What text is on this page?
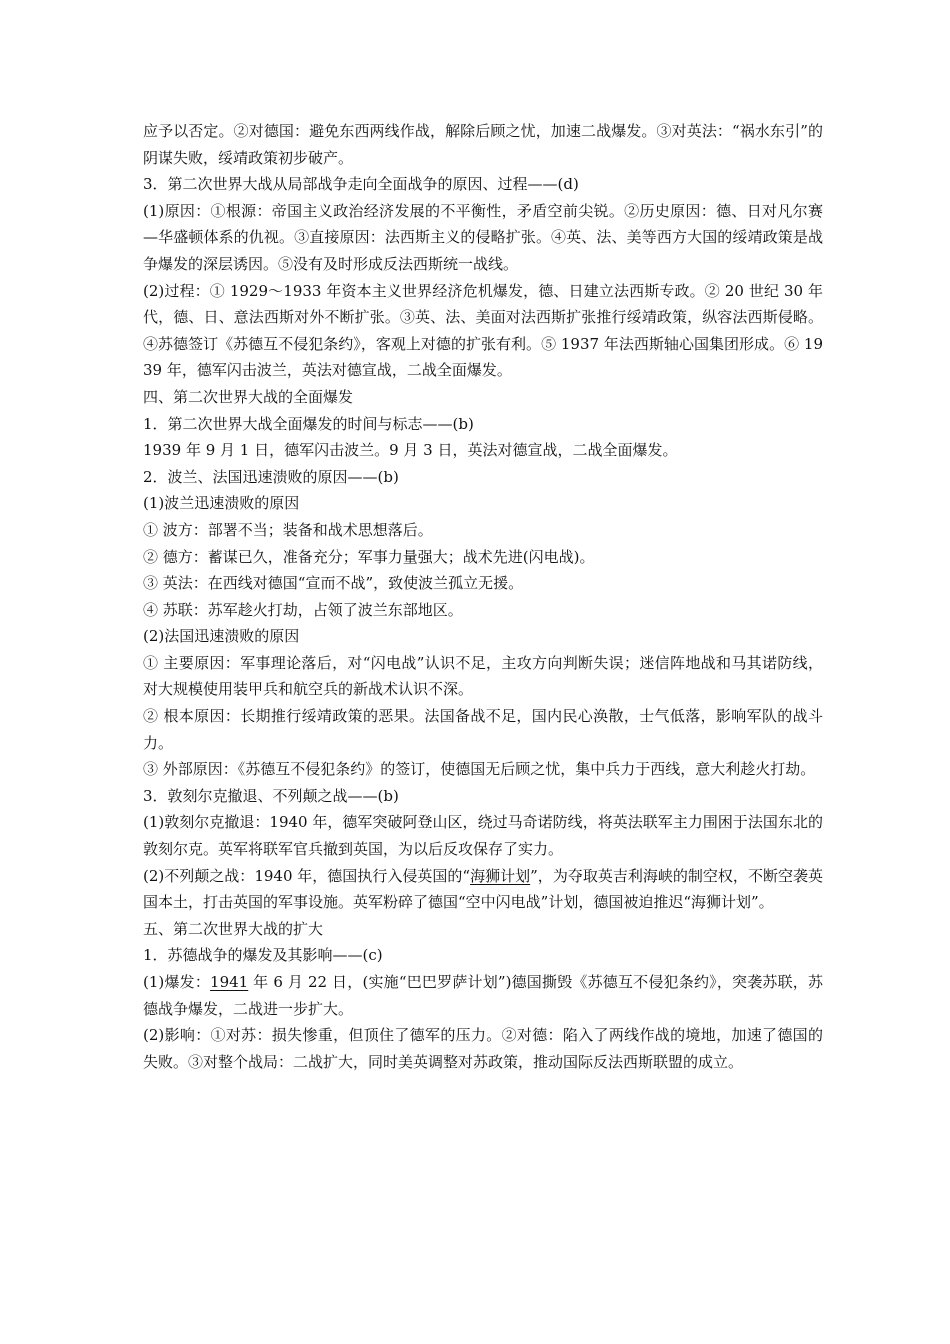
应予以否定。②对德国：避免东西两线作战，解除后顾之忧，加速二战爆发。③对英法：“祸水东引”的阴谋失败，绥靖政策初步破产。

3．第二次世界大战从局部战争走向全面战争的原因、过程——(d)

(1)原因：①根源：帝国主义政治经济发展的不平衡性，矛盾空前尖锐。②历史原因：德、日对凡尔赛—华盛顿体系的仇视。③直接原因：法西斯主义的侵略扩张。④英、法、美等西方大国的绥靖政策是战争爆发的深层诱因。⑤没有及时形成反法西斯统一战线。

(2)过程：① 1929～1933 年资本主义世界经济危机爆发，德、日建立法西斯专政。② 20 世纪 30 年代，德、日、意法西斯对外不断扩张。③英、法、美面对法西斯扩张推行绥靖政策，纵容法西斯侵略。④苏德签订《苏德互不侵犯条约》，客观上对德的扩张有利。⑤ 1937 年法西斯轴心国集团形成。⑥ 1939 年，德军闪击波兰，英法对德宣战，二战全面爆发。

四、第二次世界大战的全面爆发

1．第二次世界大战全面爆发的时间与标志——(b)

1939 年 9 月 1 日，德军闪击波兰。9 月 3 日，英法对德宣战，二战全面爆发。

2．波兰、法国迅速溃败的原因——(b)

(1)波兰迅速溃败的原因

① 波方：部署不当；装备和战术思想落后。

② 德方：蓄谋已久，准备充分；军事力量强大；战术先进(闪电战)。

③ 英法：在西线对德国“宣而不战”，致使波兰孤立无援。

④ 苏联：苏军趁火打劫，占领了波兰东部地区。

(2)法国迅速溃败的原因

① 主要原因：军事理论落后，对“闪电战”认识不足，主攻方向判断失误；迷信阵地战和马其诺防线，对大规模使用装甲兵和航空兵的新战术认识不深。

② 根本原因：长期推行绥靖政策的恶果。法国备战不足，国内民心涣散，士气低落，影响军队的战斗力。

③ 外部原因：《苏德互不侵犯条约》的签订，使德国无后顾之忧，集中兵力于西线，意大利趁火打劫。

3．敦刻尔克撤退、不列颠之战——(b)

(1)敦刻尔克撤退：1940 年，德军突破阿登山区，绕过马奇诺防线，将英法联军主力围困于法国东北的敦刻尔克。英军将联军官兵撤到英国，为以后反攻保存了实力。

(2)不列颠之战：1940 年，德国执行入侵英国的“海狮计划”，为夺取英吉利海峡的制空权，不断空袭英国本土，打击英国的军事设施。英军粉碎了德国“空中闪电战”计划，德国被迫推迟“海狮计划”。

五、第二次世界大战的扩大

1．苏德战争的爆发及其影响——(c)

(1)爆发：1941 年 6 月 22 日，(实施“巴巴罗萨计划”)德国撕毁《苏德互不侵犯条约》，突袭苏联，苏德战争爆发，二战进一步扩大。

(2)影响：①对苏：损失惨重，但顶住了德军的压力。②对德：陷入了两线作战的境地，加速了德国的失败。③对整个战局：二战扩大，同时美英调整对苏政策，推动国际反法西斯联盟的成立。
